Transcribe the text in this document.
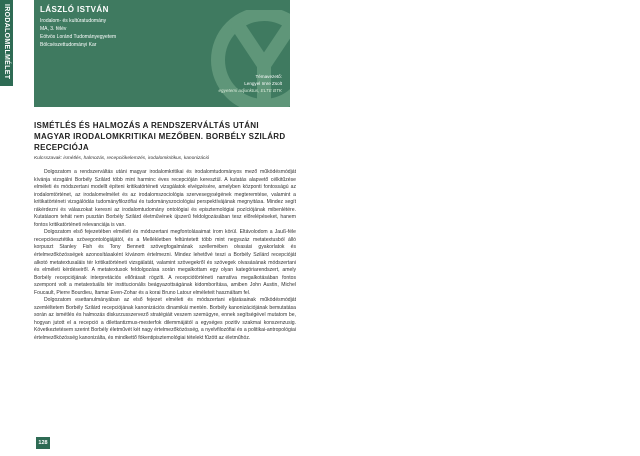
IRODALOMELMÉLET	LÁSZLÓ ISTVÁN
Irodalom- és kultúratudomány
MA, 3. félév
Eötvös Loránd Tudományegyetem
Bölcsészettudományi Kar
Témavezető:
Lengyel Imre Zsolt
egyetemi adjunktus, ELTE BTK
ISMÉTLÉS ÉS HALMOZÁS A RENDSZERVÁLTÁS UTÁNI MAGYAR IRODALOMKRITIKAI MEZŐBEN. BORBÉLY SZILÁRD RECEPCIÓJA
Kulcsszavak: ismétlés, halmozás, recepciókelemzés, irodalomkritikus, kanonizáció

Dolgozatom a rendszerváltás utáni magyar irodalomkritikai és irodalomtudományos mező működésmódját kívánja vizsgálni Borbély Szilárd több mint harminc éves recepcióján keresztül. A kutatás alapvető célkitűzése elméleti és módszertani modellt építeni kritikatörténeti vizsgálatok elvégzésére, amelyben központi fontosságú az irodalomtörténet, az irodalomelmélet és az irodalomszociológia szervesegységének megteremtése, valamint a kritikatörténeti vizsgálódás tudományfilozófiai és tudományszociológiai perspektívájának megnyitása. Mindez segít rákérdezni és válaszokat keresni az irodalomtudomány ontológiai és episztemológiai pozíciójának mibenlétére. Kutatásom tehát nem pusztán Borbély Szilárd életművének újszerű feldolgozásában tesz előrelépéseket, hanem fontos kritikatörténeti relevanciája is van.

Dolgozatom első fejezetében elméleti és módszertani megfontolásaimat írom körül. Eltávolodom a Jauß-féle recepcióesztétika szövegontológiájától, és a Mellékletben feltüntetett több mint negyszáz metatextusból álló korpuszt Stanley Fish és Tony Bennett szövegfogalmának szellemében olvasási gyakorlatok és értelmezőközösségek azonosításaként kívánom értelmezni. Mindez lehetővé teszi a Borbély Szilárd recepcióját alkotó metatextusaláis tér kritikatörténeti vizsgálatát, valamint szövegekről és szövegek olvasásának módszertani és elméleti kérdéseiről. A metatextusok feldolgozása során megalkottam egy olyan kategóriarendszert, amely Borbély recepciójának interpretációs ellőrásait rögzíti. A recepciótörténeti narratíva megalkotásában fontos szempont volt a metatextuális tér institucionális beágyazottságának kidomborítása, amiben John Austin, Michel Foucault, Pierre Bourdieu, Itamar Even-Zohar és a korai Bruno Latour elméleteit használtam fel.

Dolgozatom esettanulmányában az első fejezet elméleti és módszertani eljárásainak működésmódját szemléltetem Borbély Szilárd recepciójának kanonizációs dinamikái mentén. Borbély kanonizációjának bemutatása során az ismétlés és halmozás diskurzusszervező stratégiáit veszem szemügyre, ennek segítségével mutatom be, hogyan jutott el a recepció a dilettantizmus-mesterfok dilemmájától a egységes pozitív szakmai konszenzusig. Következtetésem szerint Borbély életművét két nagy értelmezőközösség, a nyelvfilozófiai és a politikai-antropológiai értelmezőközösség kanonizálta, és mindkettő fókentipisztemológiai tételekt fűzött az életműhöz.

128
